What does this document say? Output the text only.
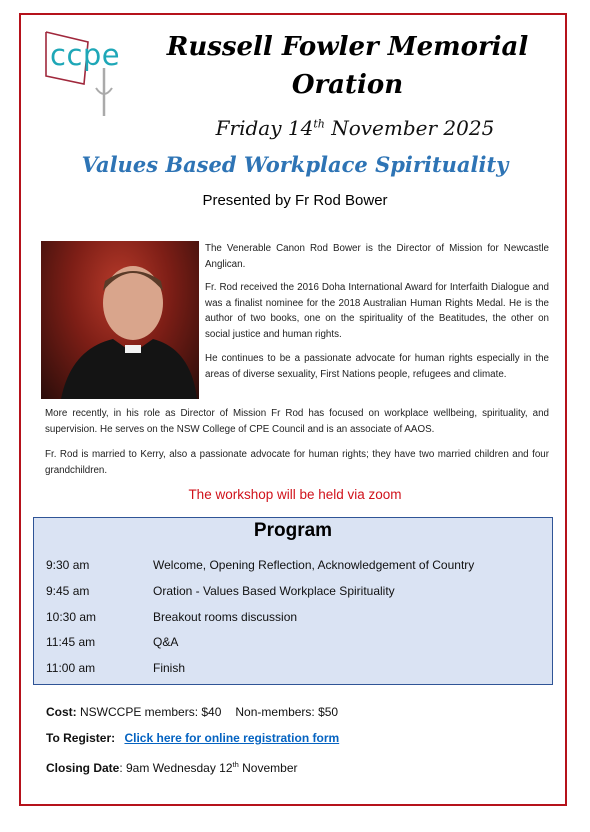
ccpe	Russell Fowler Memorial
Oration
Friday 14th November 2025
Values Based Workplace Spirituality
Presented by Fr Rod Bower
The Venerable Canon Rod Bower is the Director of Mission for Newcastle Anglican.
Fr. Rod received the 2016 Doha International Award for Interfaith Dialogue and was a finalist nominee for the 2018 Australian Human Rights Medal. He is the author of two books, one on the spirituality of the Beatitudes, the other on social justice and human rights.
He continues to be a passionate advocate for human rights especially in the areas of diverse sexuality, First Nations people, refugees and climate.
More recently, in his role as Director of Mission Fr Rod has focused on workplace wellbeing, spirituality, and supervision. He serves on the NSW College of CPE Council and is an associate of AAOS.
Fr. Rod is married to Kerry, also a passionate advocate for human rights; they have two married children and four grandchildren.
The workshop will be held via zoom
Program
9:30 am	Welcome, Opening Reflection, Acknowledgement of Country
9:45 am	Oration - Values Based Workplace Spirituality
10:30 am	Breakout rooms discussion
11:45 am	Q&A
11:00 am	Finish
Cost: NSWCCPE members: $40 Non-members: $50
To Register: Click here for online registration form
Closing Date: 9am Wednesday 12th November
